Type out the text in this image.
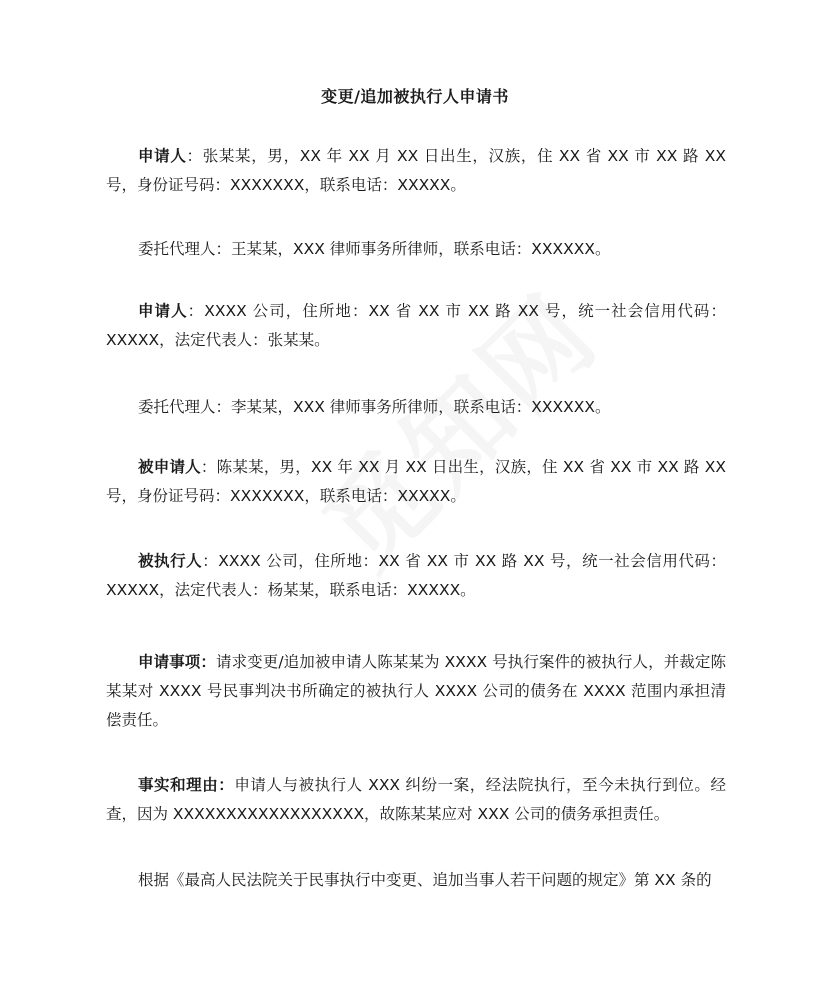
变更/追加被执行人申请书

申请人：张某某，男，XX 年 XX 月 XX 日出生，汉族，住 XX 省 XX 市 XX 路 XX 号，身份证号码：XXXXXXX，联系电话：XXXXX。

委托代理人：王某某，XXX 律师事务所律师，联系电话：XXXXXX。

申请人：XXXX 公司，住所地：XX 省 XX 市 XX 路 XX 号，统一社会信用代码：XXXXX，法定代表人：张某某。

委托代理人：李某某，XXX 律师事务所律师，联系电话：XXXXXX。

被申请人：陈某某，男，XX 年 XX 月 XX 日出生，汉族，住 XX 省 XX 市 XX 路 XX 号，身份证号码：XXXXXXX，联系电话：XXXXX。

被执行人：XXXX 公司，住所地：XX 省 XX 市 XX 路 XX 号，统一社会信用代码：XXXXX，法定代表人：杨某某，联系电话：XXXXX。

申请事项：请求变更/追加被申请人陈某某为 XXXX 号执行案件的被执行人，并裁定陈某某对 XXXX 号民事判决书所确定的被执行人 XXXX 公司的债务在 XXXX 范围内承担清偿责任。

事实和理由：申请人与被执行人 XXX 纠纷一案，经法院执行，至今未执行到位。经查，因为 XXXXXXXXXXXXXXXXXX，故陈某某应对 XXX 公司的债务承担责任。

根据《最高人民法院关于民事执行中变更、追加当事人若干问题的规定》第 XX 条的
